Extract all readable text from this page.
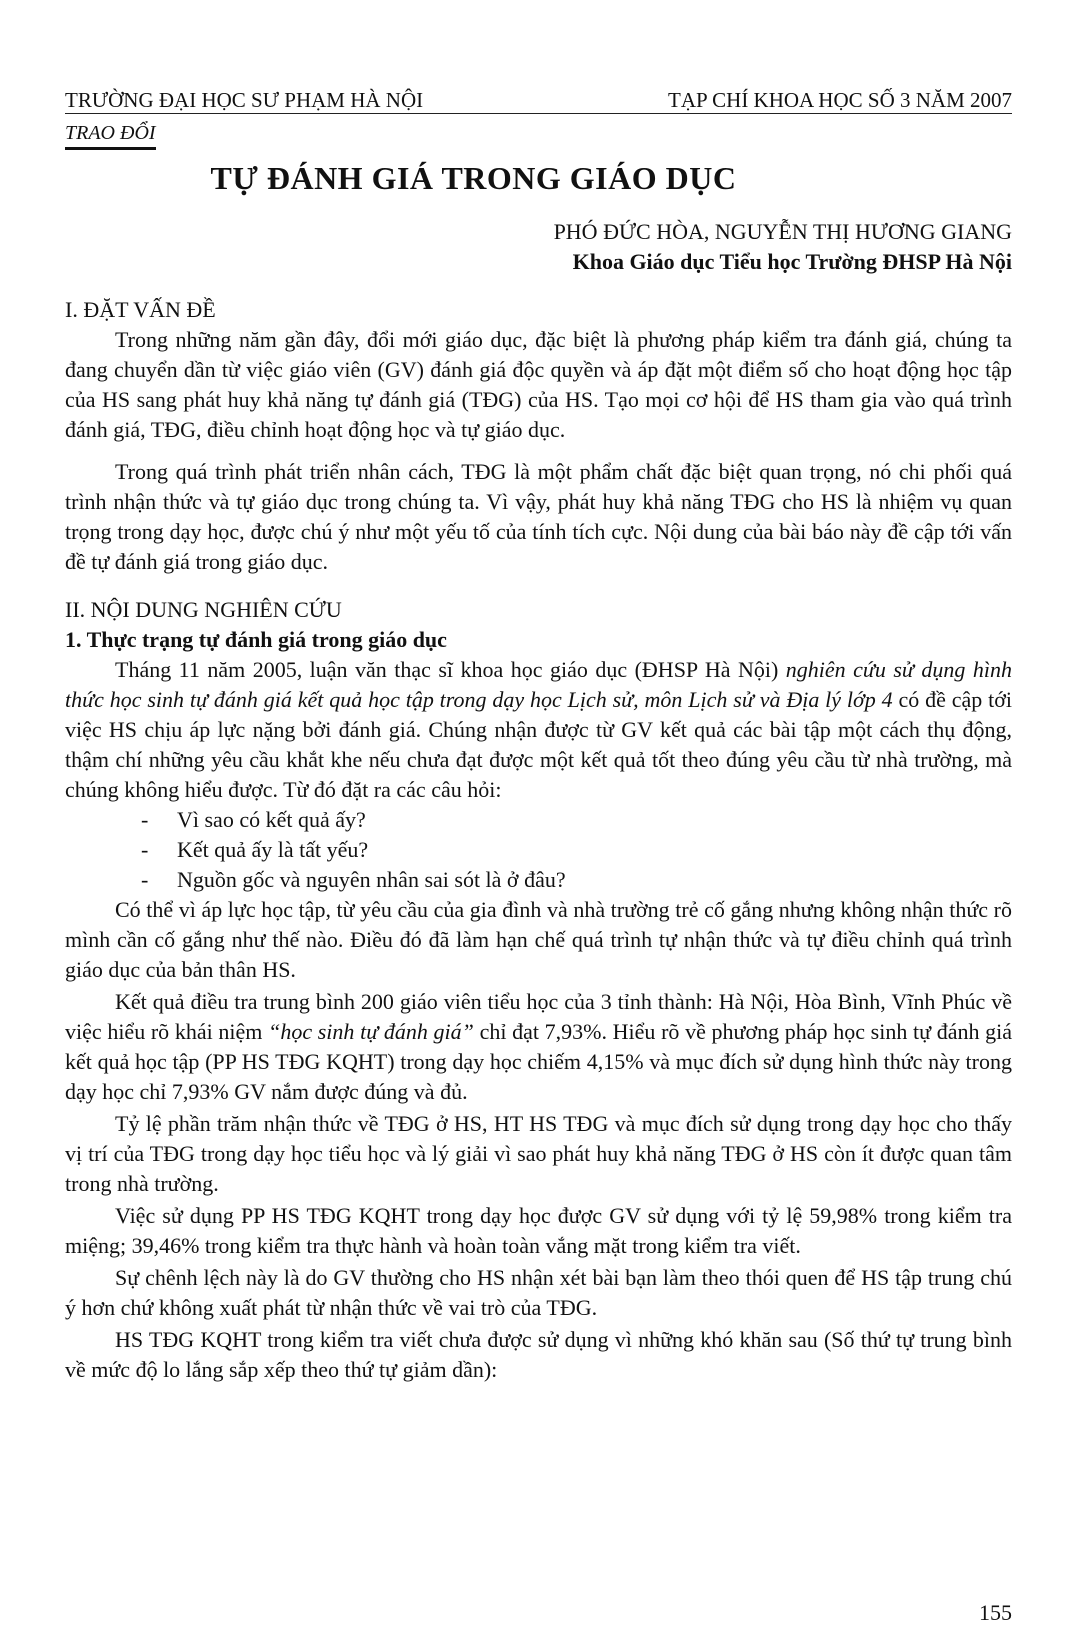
TRƯỜNG ĐẠI HỌC SƯ PHẠM HÀ NỘI	TẠP CHÍ KHOA HỌC SỐ 3 NĂM 2007
TRAO ĐỔI
TỰ ĐÁNH GIÁ TRONG GIÁO DỤC
PHÓ ĐỨC HÒA, NGUYỄN THỊ HƯƠNG GIANG
Khoa Giáo dục Tiểu học Trường ĐHSP Hà Nội
I. ĐẶT VẤN ĐỀ

Trong những năm gần đây, đổi mới giáo dục, đặc biệt là phương pháp kiểm tra đánh giá, chúng ta đang chuyển dần từ việc giáo viên (GV) đánh giá độc quyền và áp đặt một điểm số cho hoạt động học tập của HS sang phát huy khả năng tự đánh giá (TĐG) của HS. Tạo mọi cơ hội để HS tham gia vào quá trình đánh giá, TĐG, điều chỉnh hoạt động học và tự giáo dục.

Trong quá trình phát triển nhân cách, TĐG là một phẩm chất đặc biệt quan trọng, nó chi phối quá trình nhận thức và tự giáo dục trong chúng ta. Vì vậy, phát huy khả năng TĐG cho HS là nhiệm vụ quan trọng trong dạy học, được chú ý như một yếu tố của tính tích cực. Nội dung của bài báo này đề cập tới vấn đề tự đánh giá trong giáo dục.

II. NỘI DUNG NGHIÊN CỨU
1. Thực trạng tự đánh giá trong giáo dục

Tháng 11 năm 2005, luận văn thạc sĩ khoa học giáo dục (ĐHSP Hà Nội) nghiên cứu sử dụng hình thức học sinh tự đánh giá kết quả học tập trong dạy học Lịch sử, môn Lịch sử và Địa lý lớp 4 có đề cập tới việc HS chịu áp lực nặng bởi đánh giá. Chúng nhận được từ GV kết quả các bài tập một cách thụ động, thậm chí những yêu cầu khắt khe nếu chưa đạt được một kết quả tốt theo đúng yêu cầu từ nhà trường, mà chúng không hiểu được. Từ đó đặt ra các câu hỏi:

- Vì sao có kết quả ấy?
- Kết quả ấy là tất yếu?
- Nguồn gốc và nguyên nhân sai sót là ở đâu?

Có thể vì áp lực học tập, từ yêu cầu của gia đình và nhà trường trẻ cố gắng nhưng không nhận thức rõ mình cần cố gắng như thế nào. Điều đó đã làm hạn chế quá trình tự nhận thức và tự điều chỉnh quá trình giáo dục của bản thân HS.

Kết quả điều tra trung bình 200 giáo viên tiểu học của 3 tỉnh thành: Hà Nội, Hòa Bình, Vĩnh Phúc về việc hiểu rõ khái niệm “học sinh tự đánh giá” chỉ đạt 7,93%. Hiểu rõ về phương pháp học sinh tự đánh giá kết quả học tập (PP HS TĐG KQHT) trong dạy học chiếm 4,15% và mục đích sử dụng hình thức này trong dạy học chỉ 7,93% GV nắm được đúng và đủ.

Tỷ lệ phần trăm nhận thức về TĐG ở HS, HT HS TĐG và mục đích sử dụng trong dạy học cho thấy vị trí của TĐG trong dạy học tiểu học và lý giải vì sao phát huy khả năng TĐG ở HS còn ít được quan tâm trong nhà trường.

Việc sử dụng PP HS TĐG KQHT trong dạy học được GV sử dụng với tỷ lệ 59,98% trong kiểm tra miệng; 39,46% trong kiểm tra thực hành và hoàn toàn vắng mặt trong kiểm tra viết.

Sự chênh lệch này là do GV thường cho HS nhận xét bài bạn làm theo thói quen để HS tập trung chú ý hơn chứ không xuất phát từ nhận thức về vai trò của TĐG.

HS TĐG KQHT trong kiểm tra viết chưa được sử dụng vì những khó khăn sau (Số thứ tự trung bình về mức độ lo lắng sắp xếp theo thứ tự giảm dần):

155
